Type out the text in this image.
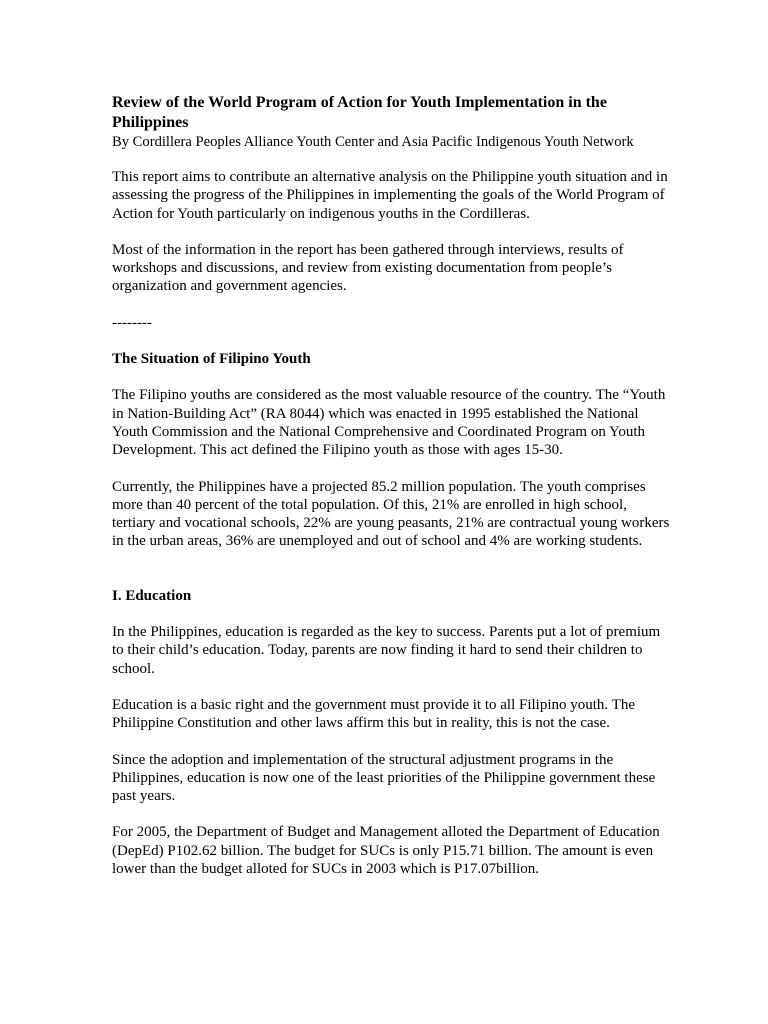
Review of the World Program of Action for Youth Implementation in the Philippines
By Cordillera Peoples Alliance Youth Center and Asia Pacific Indigenous Youth Network

This report aims to contribute an alternative analysis on the Philippine youth situation and in assessing the progress of the Philippines in implementing the goals of the World Program of Action for Youth particularly on indigenous youths in the Cordilleras.

Most of the information in the report has been gathered through interviews, results of workshops and discussions, and review from existing documentation from people’s organization and government agencies.

--------
The Situation of Filipino Youth

The Filipino youths are considered as the most valuable resource of the country. The “Youth in Nation-Building Act” (RA 8044) which was enacted in 1995 established the National Youth Commission and the National Comprehensive and Coordinated Program on Youth Development. This act defined the Filipino youth as those with ages 15-30.

Currently, the Philippines have a projected 85.2 million population. The youth comprises more than 40 percent of the total population. Of this, 21% are enrolled in high school, tertiary and vocational schools, 22% are young peasants, 21% are contractual young workers in the urban areas, 36% are unemployed and out of school and 4% are working students.

I. Education

In the Philippines, education is regarded as the key to success. Parents put a lot of premium to their child’s education. Today, parents are now finding it hard to send their children to school.

Education is a basic right and the government must provide it to all Filipino youth. The Philippine Constitution and other laws affirm this but in reality, this is not the case.

Since the adoption and implementation of the structural adjustment programs in the Philippines, education is now one of the least priorities of the Philippine government these past years.

For 2005, the Department of Budget and Management alloted the Department of Education (DepEd) P102.62 billion. The budget for SUCs is only P15.71 billion. The amount is even lower than the budget alloted for SUCs in 2003 which is P17.07billion.
